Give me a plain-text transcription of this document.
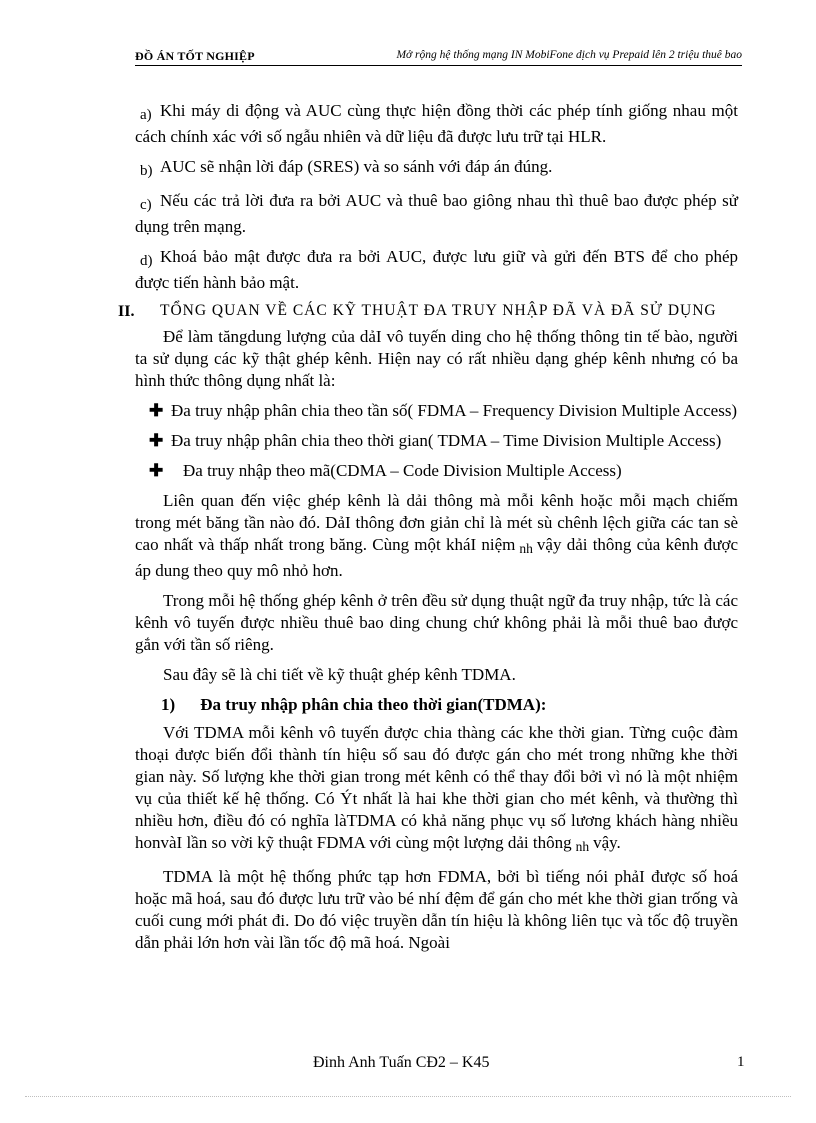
ĐỒ ÁN TỐT NGHIỆP	Mở rộng hệ thống mạng IN MobiFone dịch vụ Prepaid lên 2 triệu thuê bao

a) Khi máy di động và AUC cùng thực hiện đồng thời các phép tính giống nhau một cách chính xác với số ngẫu nhiên và dữ liệu đã được lưu trữ tại HLR.

b) AUC sẽ nhận lời đáp (SRES) và so sánh với đáp án đúng.

c) Nếu các trả lời đưa ra bởi AUC và thuê bao giông nhau thì thuê bao được phép sử dụng trên mạng.

d) Khoá bảo mật được đưa ra bởi AUC, được lưu giữ và gửi đến BTS để cho phép được tiến hành bảo mật.

II. TỔNG QUAN VỀ CÁC KỸ THUẬT ĐA TRUY NHẬP ĐÃ VÀ ĐÃ SỬ DỤNG

Để làm tăngdung lượng của dảI vô tuyến ding cho hệ thống thông tin tế bào, người ta sử dụng các kỹ thật ghép kênh. Hiện nay có rất nhiều dạng ghép kênh nhưng có ba hình thức thông dụng nhất là:

✚ Đa truy nhập phân chia theo tần số( FDMA – Frequency Division Multiple Access)

✚ Đa truy nhập phân chia theo thời gian( TDMA – Time Division Multiple Access)

✚ Đa truy nhập theo mã(CDMA – Code Division Multiple Access)

Liên quan đến việc ghép kênh là dải thông mà mỗi kênh hoặc mỗi mạch chiếm trong mét băng tần nào đó. DảI thông đơn giản chỉ là mét sù chênh lệch giữa các tan sè cao nhất và thấp nhất trong băng. Cùng một kháI niệm nh vậy dải thông của kênh được áp dung theo quy mô nhỏ hơn.

Trong mỗi hệ thống ghép kênh ở trên đều sử dụng thuật ngữ đa truy nhập, tức là các kênh vô tuyến được nhiều thuê bao ding chung chứ không phải là mỗi thuê bao được gắn với tần số riêng.

Sau đây sẽ là chi tiết về kỹ thuật ghép kênh TDMA.

1) Đa truy nhập phân chia theo thời gian(TDMA):

Với TDMA mỗi kênh vô tuyến được chia thàng các khe thời gian. Từng cuộc đàm thoại được biến đổi thành tín hiệu số sau đó được gán cho mét trong những khe thời gian này. Số lượng khe thời gian trong mét kênh có thể thay đổi bởi vì nó là một nhiệm vụ của thiết kế hệ thống. Có Ýt nhất là hai khe thời gian cho mét kênh, và thường thì nhiều hơn, điều đó có nghĩa làTDMA có khả năng phục vụ số lương khách hàng nhiều honvàI lần so vời kỹ thuật FDMA với cùng một lượng dải thông nh vậy.

TDMA là một hệ thống phức tạp hơn FDMA, bởi bì tiếng nói phảI được số hoá hoặc mã hoá, sau đó được lưu trữ vào bé nhí đệm để gán cho mét khe thời gian trống và cuối cung mới phát đi. Do đó việc truyền dẫn tín hiệu là không liên tục và tốc độ truyền dẫn phải lớn hơn vài lần tốc độ mã hoá. Ngoài

Đinh Anh Tuấn CĐ2 – K45	1
